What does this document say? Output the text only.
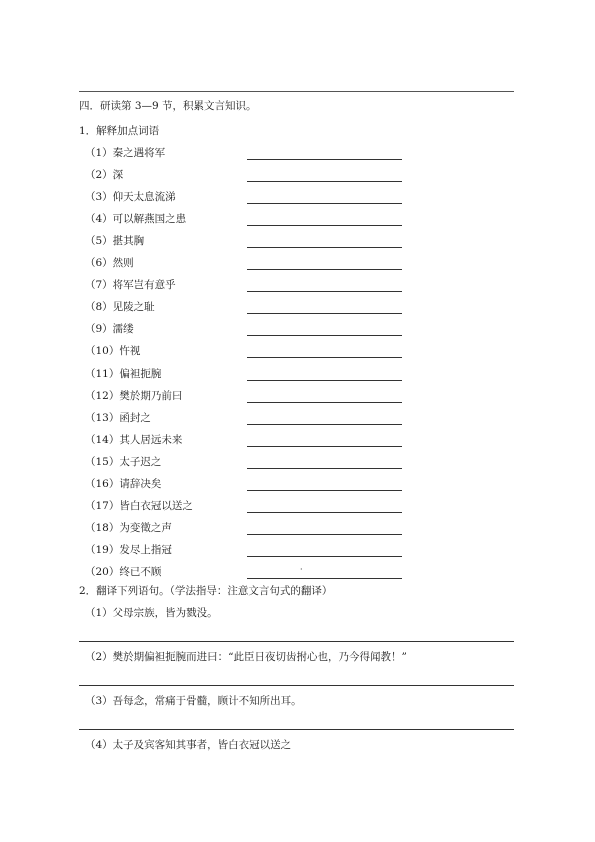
四．研读第 3—9 节，积累文言知识。
1．解释加点词语
（1）秦之遇将军
（2）深
（3）仰天太息流涕
（4）可以解燕国之患
（5）揕其胸
（6）然则
（7）将军岂有意乎
（8）见陵之耻
（9）濡缕
（10）忤视
（11）偏袒扼腕
（12）樊於期乃前曰
（13）函封之
（14）其人居远未来
（15）太子迟之
（16）请辞决矣
（17）皆白衣冠以送之
（18）为变徵之声
（19）发尽上指冠
（20）终已不顾	·
2．翻译下列语句。（学法指导：注意文言句式的翻译）
（1）父母宗族，皆为戮没。
（2）樊於期偏袒扼腕而进曰：“此臣日夜切齿拊心也，乃今得闻教！”
（3）吾每念，常痛于骨髓，顾计不知所出耳。
（4）太子及宾客知其事者，皆白衣冠以送之
